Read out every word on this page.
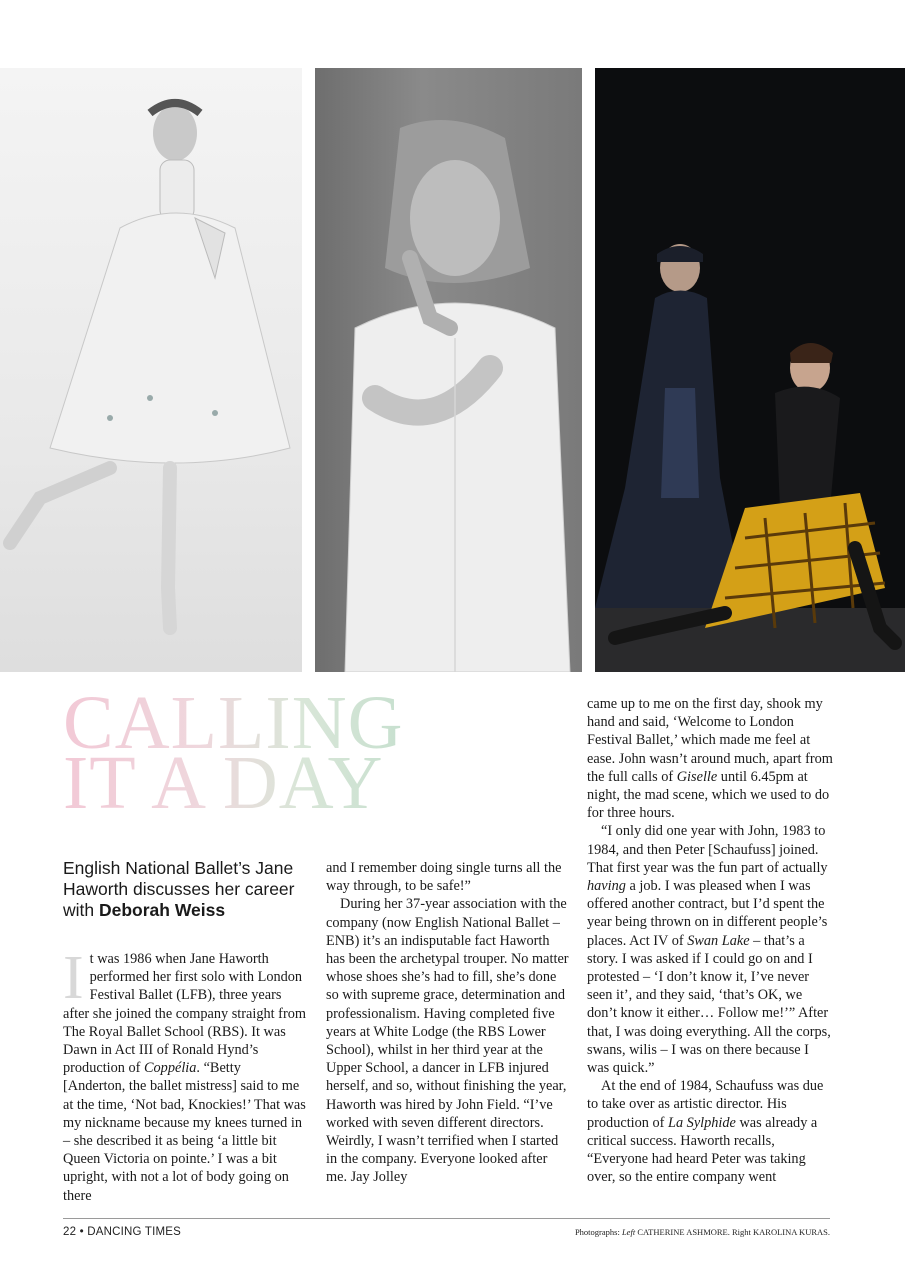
CALLING
IT A DAY

English National Ballet’s Jane Haworth discusses her career with Deborah Weiss

It was 1986 when Jane Haworth performed her first solo with London Festival Ballet (LFB), three years after she joined the company straight from The Royal Ballet School (RBS). It was Dawn in Act III of Ronald Hynd’s production of Coppélia. “Betty [Anderton, the ballet mistress] said to me at the time, ‘Not bad, Knockies!’ That was my nickname because my knees turned in – she described it as being ‘a little bit Queen Victoria on pointe.’ I was a bit upright, with not a lot of body going on there

and I remember doing single turns all the way through, to be safe!”

During her 37-year association with the company (now English National Ballet – ENB) it’s an indisputable fact Haworth has been the archetypal trouper. No matter whose shoes she’s had to fill, she’s done so with supreme grace, determination and professionalism. Having completed five years at White Lodge (the RBS Lower School), whilst in her third year at the Upper School, a dancer in LFB injured herself, and so, without finishing the year, Haworth was hired by John Field. “I’ve worked with seven different directors. Weirdly, I wasn’t terrified when I started in the company. Everyone looked after me. Jay Jolley

came up to me on the first day, shook my hand and said, ‘Welcome to London Festival Ballet,’ which made me feel at ease. John wasn’t around much, apart from the full calls of Giselle until 6.45pm at night, the mad scene, which we used to do for three hours.

“I only did one year with John, 1983 to 1984, and then Peter [Schaufuss] joined. That first year was the fun part of actually having a job. I was pleased when I was offered another contract, but I’d spent the year being thrown on in different people’s places. Act IV of Swan Lake – that’s a story. I was asked if I could go on and I protested – ‘I don’t know it, I’ve never seen it’, and they said, ‘that’s OK, we don’t know it either… Follow me!’” After that, I was doing everything. All the corps, swans, wilis – I was on there because I was quick.”

At the end of 1984, Schaufuss was due to take over as artistic director. His production of La Sylphide was already a critical success. Haworth recalls, “Everyone had heard Peter was taking over, so the entire company went

22 • DANCING TIMES	Photographs: Left CATHERINE ASHMORE. Right KAROLINA KURAS.
